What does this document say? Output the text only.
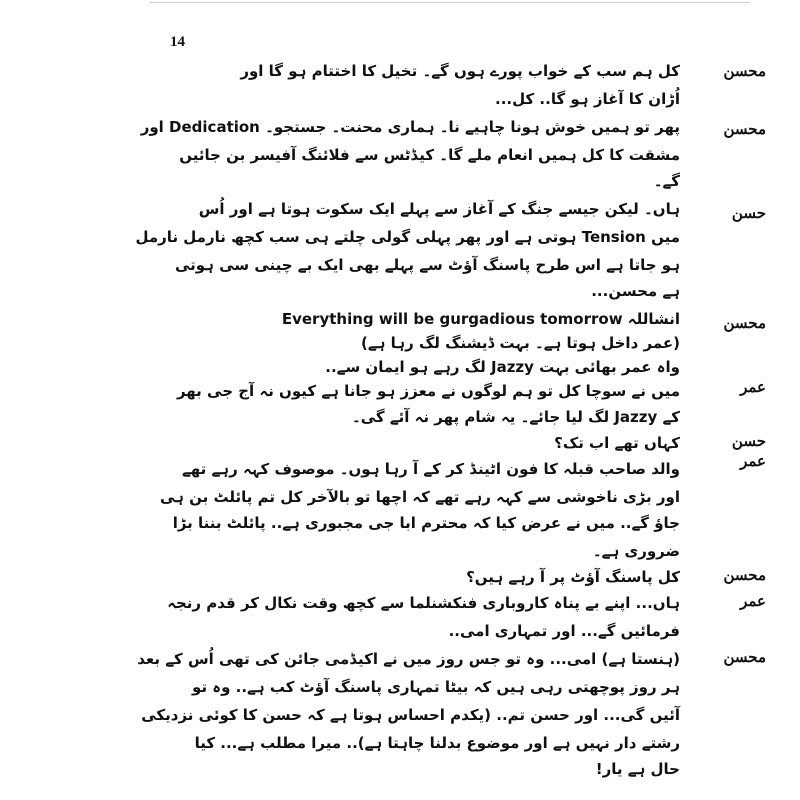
14
محسن
محسن
حسن
محسن
عمر
حسن
عمر
محسن
عمر
محسن
کل ہم سب کے خواب پورے ہوں گے۔ تخیل کا اختتام ہو گا اور
اُڑان کا آغاز ہو گا.. کل...
پھر تو ہمیں خوش ہونا چاہیے نا۔ ہماری محنت۔ جستجو۔ Dedication اور
مشقت کا کل ہمیں انعام ملے گا۔ کیڈٹس سے فلائنگ آفیسر بن جائیں
گے۔
ہاں۔ لیکن جیسے جنگ کے آغاز سے پہلے ایک سکوت ہوتا ہے اور اُس
میں Tension ہوتی ہے اور پھر پہلی گولی چلتے ہی سب کچھ نارمل نارمل
ہو جاتا ہے اس طرح پاسنگ آؤٹ سے پہلے بھی ایک بے چینی سی ہوتی
ہے محسن...
انشاللہ Everything will be gurgadious tomorrow
(عمر داخل ہوتا ہے۔ بہت ڈیشنگ لگ رہا ہے)
واہ عمر بھائی بہت Jazzy لگ رہے ہو ایمان سے..
میں نے سوچا کل تو ہم لوگوں نے معزز ہو جانا ہے کیوں نہ آج جی بھر
کے Jazzy لگ لیا جائے۔ یہ شام پھر نہ آئے گی۔
کہاں تھے اب تک؟
والد صاحب قبلہ کا فون اٹینڈ کر کے آ رہا ہوں۔ موصوف کہہ رہے تھے
اور بڑی ناخوشی سے کہہ رہے تھے کہ اچھا تو بالآخر کل تم پائلٹ بن ہی
جاؤ گے.. میں نے عرض کیا کہ محترم ابا جی مجبوری ہے.. پائلٹ بننا بڑا
ضروری ہے۔
کل پاسنگ آؤٹ پر آ رہے ہیں؟
ہاں... اپنے بے پناہ کاروباری فنکشنلما سے کچھ وقت نکال کر قدم رنجہ
فرمائیں گے... اور تمہاری امی..
(ہنستا ہے) امی... وہ تو جس روز میں نے اکیڈمی جائن کی تھی اُس کے بعد
ہر روز پوچھتی رہی ہیں کہ بیٹا تمہاری پاسنگ آؤٹ کب ہے.. وہ تو
آئیں گی... اور حسن تم.. (یکدم احساس ہوتا ہے کہ حسن کا کوئی نزدیکی
رشتے دار نہیں ہے اور موضوع بدلنا چاہتا ہے).. میرا مطلب ہے... کیا
حال ہے یار!
